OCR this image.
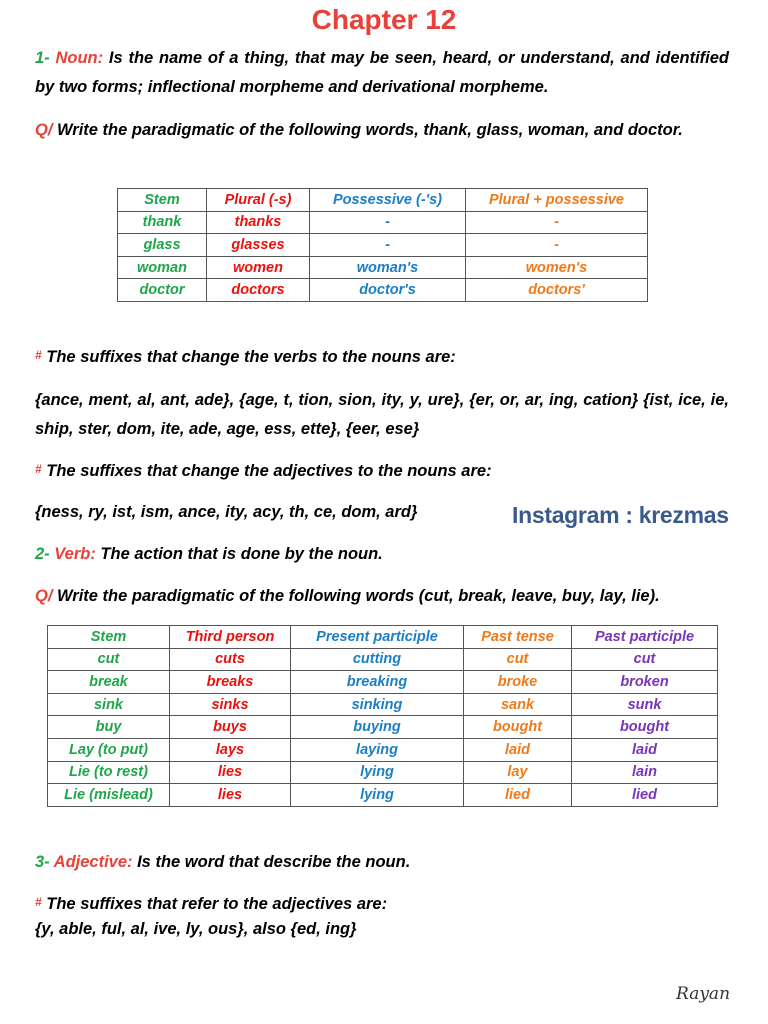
Chapter 12
1- Noun: Is the name of a thing, that may be seen, heard, or understand, and identified by two forms; inflectional morpheme and derivational morpheme.
Q/ Write the paradigmatic of the following words, thank, glass, woman, and doctor.
Stem	Plural (-s)	Possessive (-'s)	Plural + possessive
thank	thanks	-	-
glass	glasses	-	-
woman	women	woman's	women's
doctor	doctors	doctor's	doctors'
# The suffixes that change the verbs to the nouns are:
{ance, ment, al, ant, ade}, {age, t, tion, sion, ity, y, ure}, {er, or, ar, ing, cation} {ist, ice, ie, ship, ster, dom, ite, ade, age, ess, ette}, {eer, ese}
# The suffixes that change the adjectives to the nouns are:
{ness, ry, ist, ism, ance, ity, acy, th, ce, dom, ard}	Instagram : krezmas
2- Verb: The action that is done by the noun.
Q/ Write the paradigmatic of the following words (cut, break, leave, buy, lay, lie).
Stem	Third person	Present participle	Past tense	Past participle
cut	cuts	cutting	cut	cut
break	breaks	breaking	broke	broken
sink	sinks	sinking	sank	sunk
buy	buys	buying	bought	bought
Lay (to put)	lays	laying	laid	laid
Lie (to rest)	lies	lying	lay	lain
Lie (mislead)	lies	lying	lied	lied
3- Adjective: Is the word that describe the noun.
# The suffixes that refer to the adjectives are:
{y, able, ful, al, ive, ly, ous}, also {ed, ing}
Rayan
